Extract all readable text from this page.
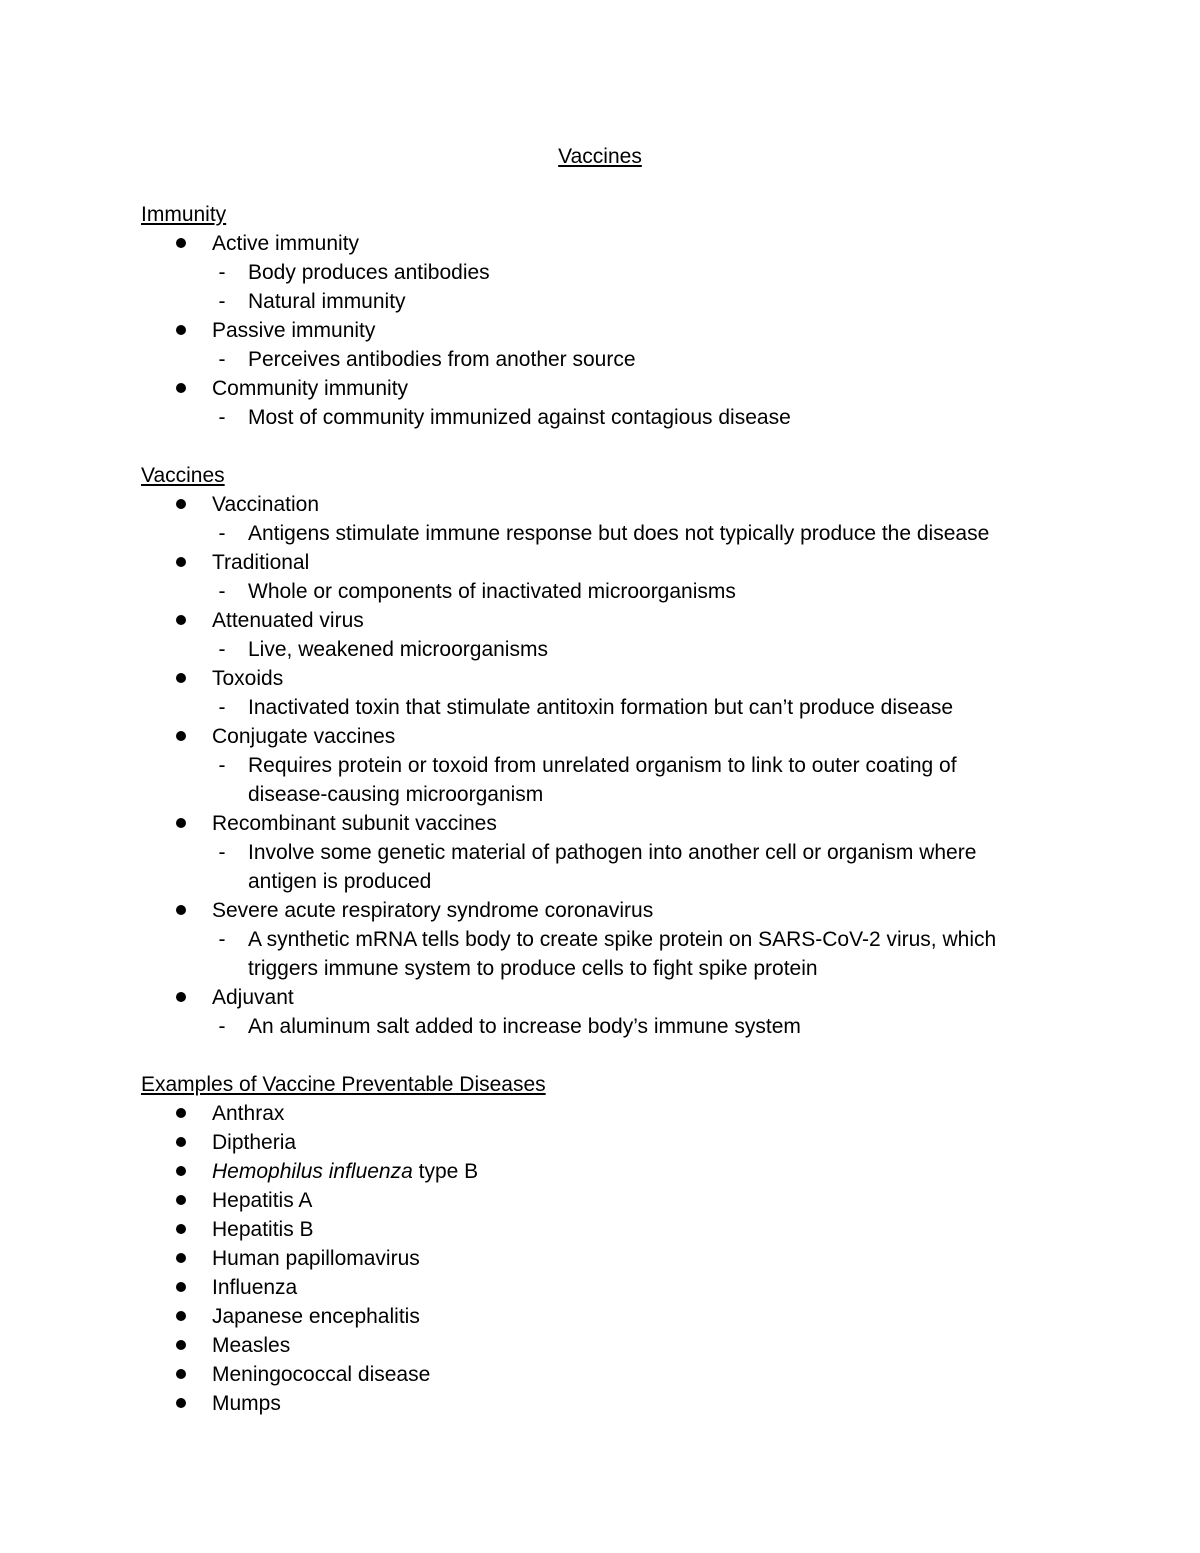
Vaccines
Immunity
Active immunity
-	Body produces antibodies
-	Natural immunity
Passive immunity
-	Perceives antibodies from another source
Community immunity
-	Most of community immunized against contagious disease
Vaccines
Vaccination
-	Antigens stimulate immune response but does not typically produce the disease
Traditional
-	Whole or components of inactivated microorganisms
Attenuated virus
-	Live, weakened microorganisms
Toxoids
-	Inactivated toxin that stimulate antitoxin formation but can’t produce disease
Conjugate vaccines
-	Requires protein or toxoid from unrelated organism to link to outer coating of disease-causing microorganism
Recombinant subunit vaccines
-	Involve some genetic material of pathogen into another cell or organism where antigen is produced
Severe acute respiratory syndrome coronavirus
-	A synthetic mRNA tells body to create spike protein on SARS-CoV-2 virus, which triggers immune system to produce cells to fight spike protein
Adjuvant
-	An aluminum salt added to increase body’s immune system
Examples of Vaccine Preventable Diseases
Anthrax
Diptheria
Hemophilus influenza type B
Hepatitis A
Hepatitis B
Human papillomavirus
Influenza
Japanese encephalitis
Measles
Meningococcal disease
Mumps
